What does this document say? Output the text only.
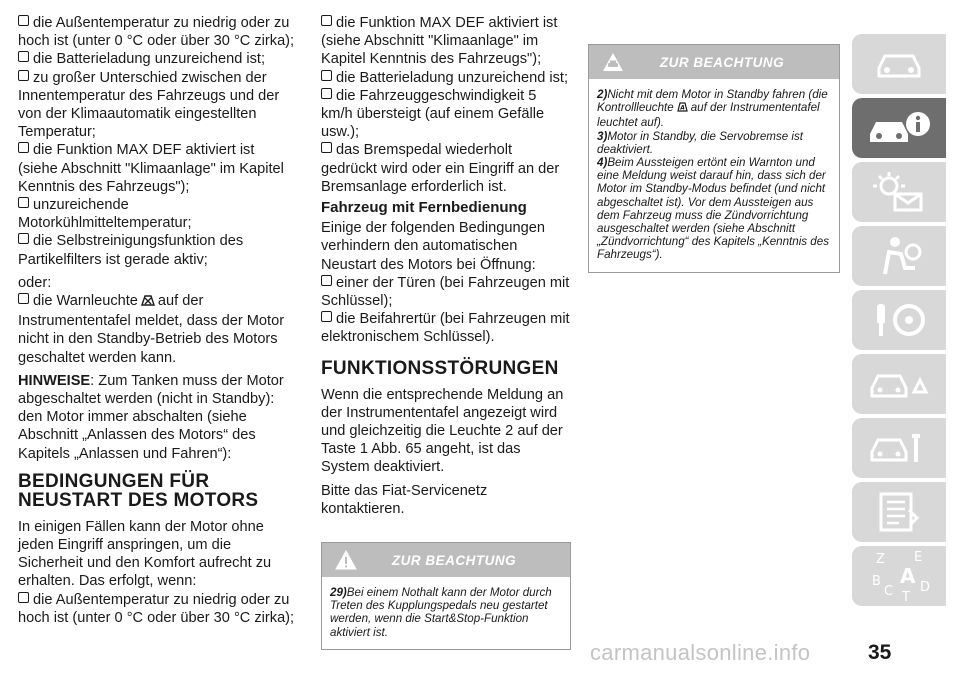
die Außentemperatur zu niedrig oder zu hoch ist (unter 0 °C oder über 30 °C zirka);

die Batterieladung unzureichend ist;

zu großer Unterschied zwischen der Innentemperatur des Fahrzeugs und der von der Klimaautomatik eingestellten Temperatur;

die Funktion MAX DEF aktiviert ist (siehe Abschnitt "Klimaanlage" im Kapitel Kenntnis des Fahrzeugs");

unzureichende Motorkühlmitteltemperatur;

die Selbstreinigungsfunktion des Partikelfilters ist gerade aktiv;

oder:

die Warnleuchte auf der Instrumententafel meldet, dass der Motor nicht in den Standby-Betrieb des Motors geschaltet werden kann.

HINWEISE: Zum Tanken muss der Motor abgeschaltet werden (nicht in Standby): den Motor immer abschalten (siehe Abschnitt „Anlassen des Motors“ des Kapitels „Anlassen und Fahren“):

BEDINGUNGEN FÜR
NEUSTART DES MOTORS

In einigen Fällen kann der Motor ohne jeden Eingriff anspringen, um die Sicherheit und den Komfort aufrecht zu erhalten. Das erfolgt, wenn:

die Außentemperatur zu niedrig oder zu hoch ist (unter 0 °C oder über 30 °C zirka);

die Funktion MAX DEF aktiviert ist (siehe Abschnitt "Klimaanlage" im Kapitel Kenntnis des Fahrzeugs");

die Batterieladung unzureichend ist;

die Fahrzeuggeschwindigkeit 5 km/h übersteigt (auf einem Gefälle usw.);

das Bremspedal wiederholt gedrückt wird oder ein Eingriff an der Bremsanlage erforderlich ist.

Fahrzeug mit Fernbedienung

Einige der folgenden Bedingungen verhindern den automatischen Neustart des Motors bei Öffnung:

einer der Türen (bei Fahrzeugen mit Schlüssel);

die Beifahrertür (bei Fahrzeugen mit elektronischem Schlüssel).

FUNKTIONSSTÖRUNGEN

Wenn die entsprechende Meldung an der Instrumententafel angezeigt wird und gleichzeitig die Leuchte 2 auf der Taste 1 Abb. 65 angeht, ist das System deaktiviert.

Bitte das Fiat-Servicenetz kontaktieren.

ZUR BEACHTUNG
29)Bei einem Nothalt kann der Motor durch Treten des Kupplungspedals neu gestartet werden, wenn die Start&Stop-Funktion aktiviert ist.
ZUR BEACHTUNG

2)Nicht mit dem Motor in Standby fahren (die Kontrollleuchte A auf der Instrumententafel leuchtet auf).

3)Motor in Standby, die Servobremse ist deaktiviert.

4)Beim Aussteigen ertönt ein Warnton und eine Meldung weist darauf hin, dass sich der Motor im Standby-Modus befindet (und nicht abgeschaltet ist). Vor dem Aussteigen aus dem Fahrzeug muss die Zündvorrichtung ausgeschaltet werden (siehe Abschnitt „Zündvorrichtung“ des Kapitels „Kenntnis des Fahrzeugs“).

Z E
B A
C T
D
carmanualsonline.info	35
